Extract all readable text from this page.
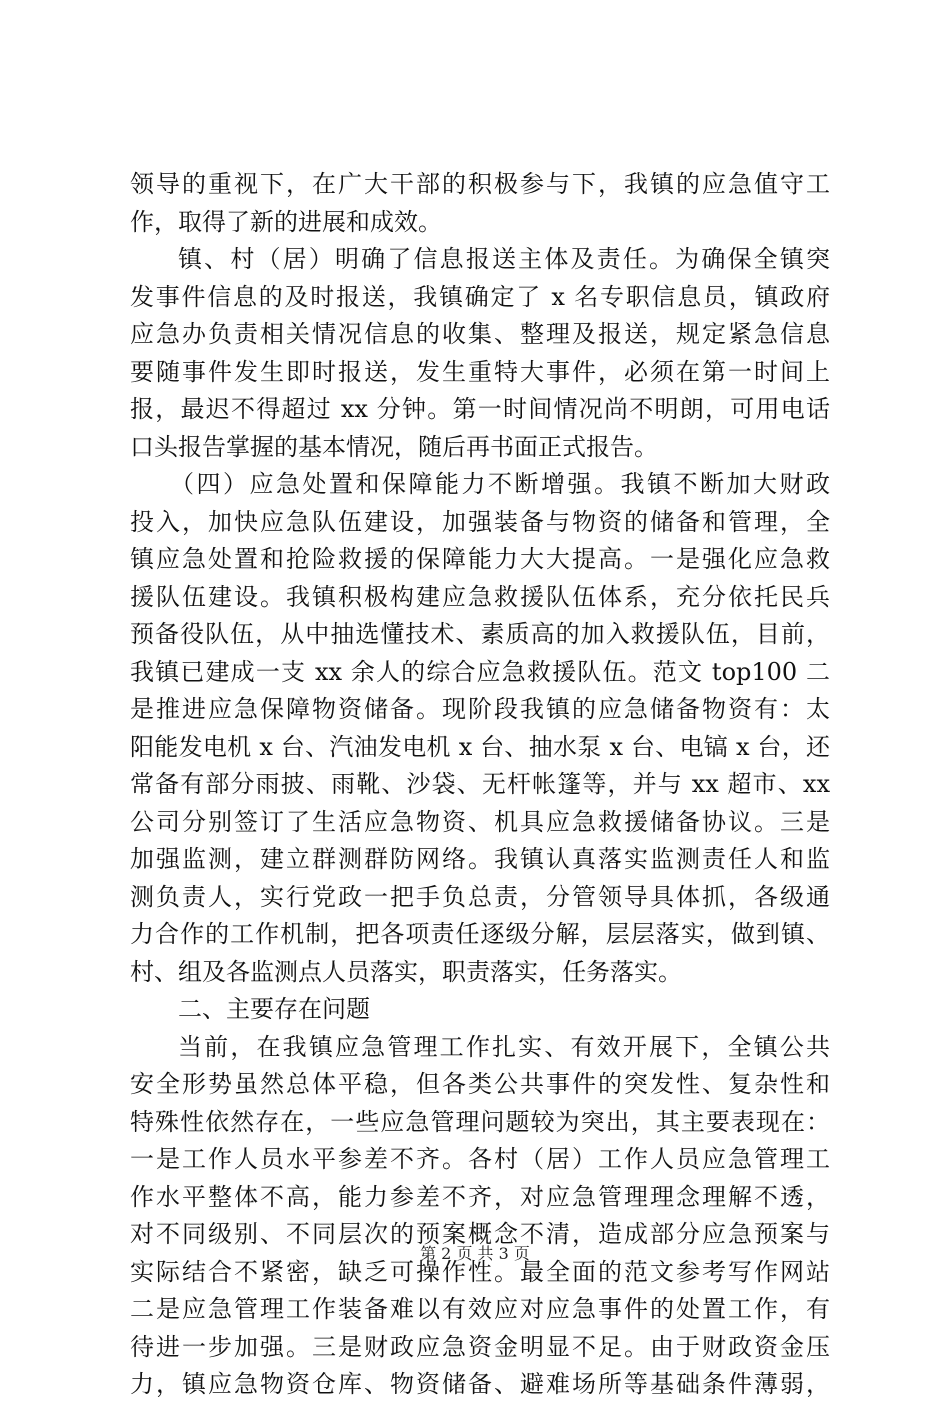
领导的重视下，在广大干部的积极参与下，我镇的应急值守工
作，取得了新的进展和成效。
镇、村（居）明确了信息报送主体及责任。为确保全镇突
发事件信息的及时报送，我镇确定了 x 名专职信息员，镇政府
应急办负责相关情况信息的收集、整理及报送，规定紧急信息
要随事件发生即时报送，发生重特大事件，必须在第一时间上
报，最迟不得超过 xx 分钟。第一时间情况尚不明朗，可用电话
口头报告掌握的基本情况，随后再书面正式报告。
（四）应急处置和保障能力不断增强。我镇不断加大财政
投入，加快应急队伍建设，加强装备与物资的储备和管理，全
镇应急处置和抢险救援的保障能力大大提高。一是强化应急救
援队伍建设。我镇积极构建应急救援队伍体系，充分依托民兵
预备役队伍，从中抽选懂技术、素质高的加入救援队伍，目前，
我镇已建成一支 xx 余人的综合应急救援队伍。范文 top100 二
是推进应急保障物资储备。现阶段我镇的应急储备物资有：太
阳能发电机 x 台、汽油发电机 x 台、抽水泵 x 台、电镐 x 台，还
常备有部分雨披、雨靴、沙袋、无杆帐篷等，并与 xx 超市、xx
公司分别签订了生活应急物资、机具应急救援储备协议。三是
加强监测，建立群测群防网络。我镇认真落实监测责任人和监
测负责人，实行党政一把手负总责，分管领导具体抓，各级通
力合作的工作机制，把各项责任逐级分解，层层落实，做到镇、
村、组及各监测点人员落实，职责落实，任务落实。
二、主要存在问题
当前，在我镇应急管理工作扎实、有效开展下，全镇公共
安全形势虽然总体平稳，但各类公共事件的突发性、复杂性和
特殊性依然存在，一些应急管理问题较为突出，其主要表现在：
一是工作人员水平参差不齐。各村（居）工作人员应急管理工
作水平整体不高，能力参差不齐，对应急管理理念理解不透，
对不同级别、不同层次的预案概念不清，造成部分应急预案与
实际结合不紧密，缺乏可操作性。最全面的范文参考写作网站
二是应急管理工作装备难以有效应对应急事件的处置工作，有
待进一步加强。三是财政应急资金明显不足。由于财政资金压
力，镇应急物资仓库、物资储备、避难场所等基础条件薄弱，
第 2 页 共 3 页
